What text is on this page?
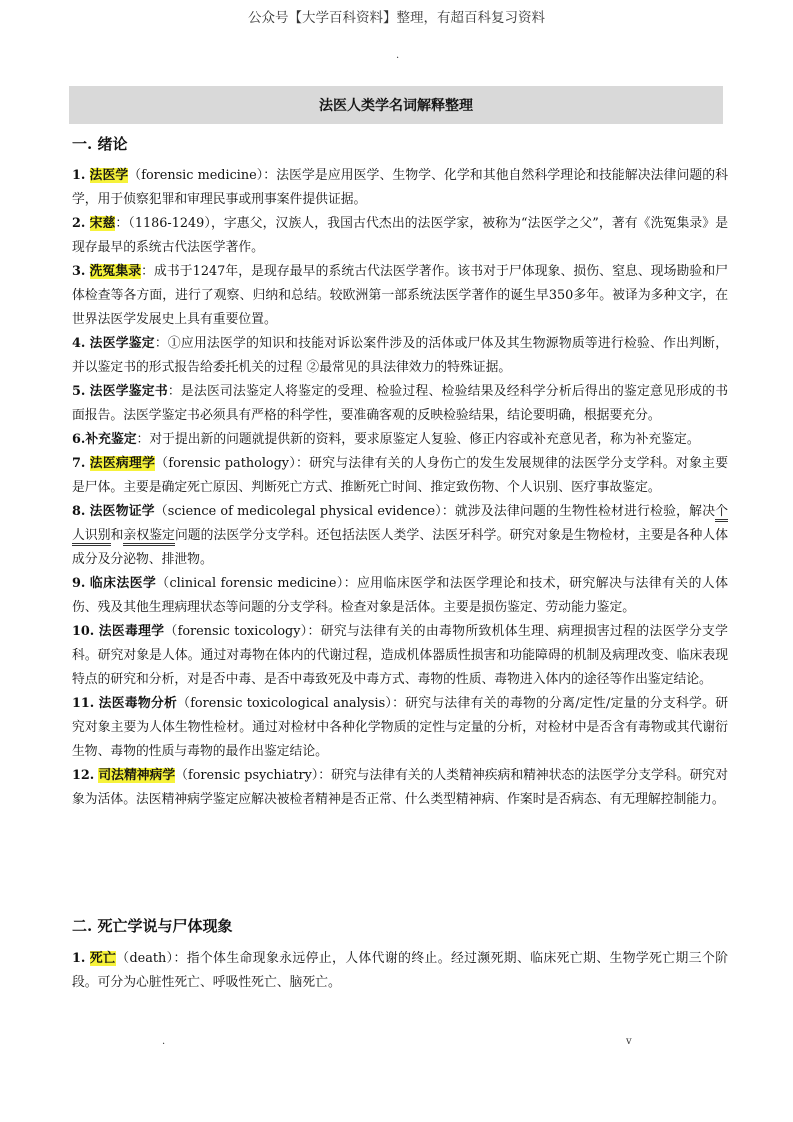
公众号【大学百科资料】整理，有超百科复习资料
.
法医人类学名词解释整理
一. 绪论

1. 法医学（forensic medicine）：法医学是应用医学、生物学、化学和其他自然科学理论和技能解决法律问题的科学，用于侦察犯罪和审理民事或刑事案件提供证据。

2. 宋慈：（1186-1249），字惠父，汉族人，我国古代杰出的法医学家，被称为“法医学之父”，著有《洗冤集录》是现存最早的系统古代法医学著作。

3. 洗冤集录：成书于1247年，是现存最早的系统古代法医学著作。该书对于尸体现象、损伤、窒息、现场勘验和尸体检查等各方面，进行了观察、归纳和总结。较欧洲第一部系统法医学著作的诞生早350多年。被译为多种文字，在世界法医学发展史上具有重要位置。

4. 法医学鉴定：①应用法医学的知识和技能对诉讼案件涉及的活体或尸体及其生物源物质等进行检验、作出判断，并以鉴定书的形式报告给委托机关的过程 ②最常见的具法律效力的特殊证据。

5. 法医学鉴定书：是法医司法鉴定人将鉴定的受理、检验过程、检验结果及经科学分析后得出的鉴定意见形成的书面报告。法医学鉴定书必须具有严格的科学性，要准确客观的反映检验结果，结论要明确，根据要充分。

6.补充鉴定：对于提出新的问题就提供新的资料，要求原鉴定人复验、修正内容或补充意见者，称为补充鉴定。

7. 法医病理学（forensic pathology）：研究与法律有关的人身伤亡的发生发展规律的法医学分支学科。对象主要是尸体。主要是确定死亡原因、判断死亡方式、推断死亡时间、推定致伤物、个人识别、医疗事故鉴定。

8. 法医物证学（science of medicolegal physical evidence）：就涉及法律问题的生物性检材进行检验，解决个人识别和亲权鉴定问题的法医学分支学科。还包括法医人类学、法医牙科学。研究对象是生物检材，主要是各种人体成分及分泌物、排泄物。

9. 临床法医学（clinical forensic medicine）：应用临床医学和法医学理论和技术，研究解决与法律有关的人体伤、残及其他生理病理状态等问题的分支学科。检查对象是活体。主要是损伤鉴定、劳动能力鉴定。

10. 法医毒理学（forensic toxicology）：研究与法律有关的由毒物所致机体生理、病理损害过程的法医学分支学科。研究对象是人体。通过对毒物在体内的代谢过程，造成机体器质性损害和功能障碍的机制及病理改变、临床表现特点的研究和分析，对是否中毒、是否中毒致死及中毒方式、毒物的性质、毒物进入体内的途径等作出鉴定结论。

11. 法医毒物分析（forensic toxicological analysis）：研究与法律有关的毒物的分离/定性/定量的分支科学。研究对象主要为人体生物性检材。通过对检材中各种化学物质的定性与定量的分析，对检材中是否含有毒物或其代谢衍生物、毒物的性质与毒物的最作出鉴定结论。

12. 司法精神病学（forensic psychiatry）：研究与法律有关的人类精神疾病和精神状态的法医学分支学科。研究对象为活体。法医精神病学鉴定应解决被检者精神是否正常、什么类型精神病、作案时是否病态、有无理解控制能力。

二. 死亡学说与尸体现象

1. 死亡（death）：指个体生命现象永远停止，人体代谢的终止。经过濒死期、临床死亡期、生物学死亡期三个阶段。可分为心脏性死亡、呼吸性死亡、脑死亡。

.	v
